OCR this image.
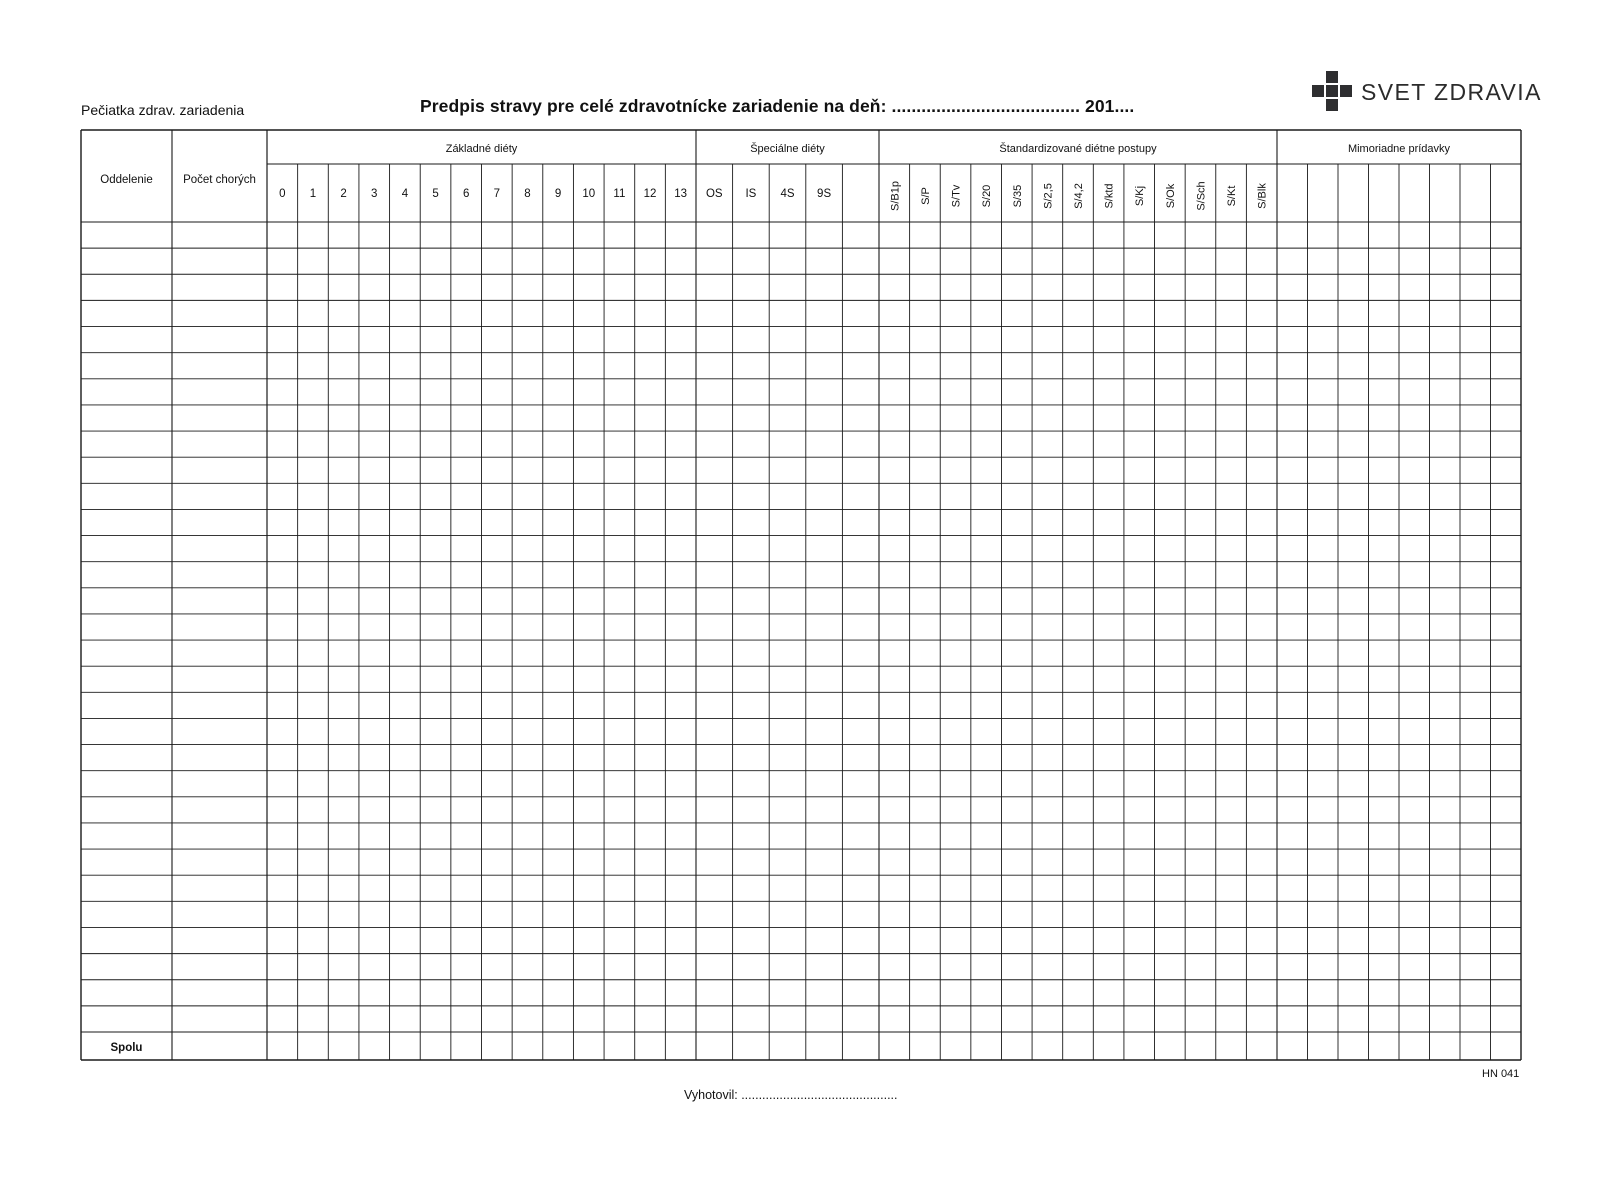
Pečiatka zdrav. zariadenia	Predpis stravy pre celé zdravotnícke zariadenie na deň: ...................................... 201....
SVET ZDRAVIA
Oddelenie	Počet chorých
Základné diéty
0 1 2 3 4 5 6 7 8 9 10 11 12 13
Špeciálne diéty
OS IS 4S 9S
Štandardizované diétne postupy
S/B1p S/P S/Tv S/20 S/35 S/2,5 S/4,2 S/ktd S/Kj S/Ok S/Sch S/Kt S/Blk
Mimoriadne prídavky
Spolu
HN 041
Vyhotovil: .............................................
